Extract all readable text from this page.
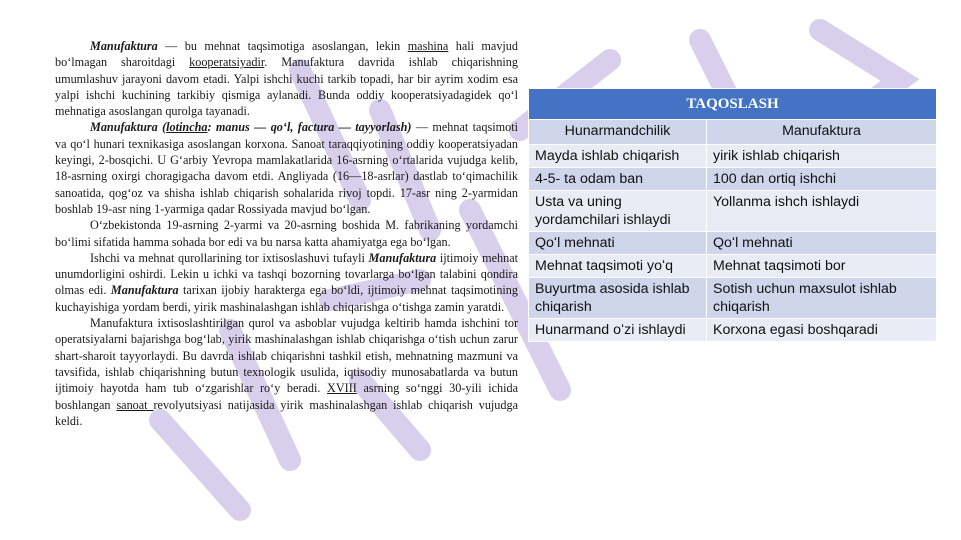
Manufaktura — bu mehnat taqsimotiga asoslangan, lekin mashina hali mavjud boʻlmagan sharoitdagi kooperatsiyadir. Manufaktura davrida ishlab chiqarishning umumlashuv jarayoni davom etadi. Yalpi ishchi kuchi tarkib topadi, har bir ayrim xodim esa yalpi ishchi kuchining tarkibiy qismiga aylanadi. Bunda oddiy kooperatsiyadagidek qoʻl mehnatiga asoslangan qurolga tayanadi.

Manufaktura (lotincha: manus — qoʻl, factura — tayyorlash) — mehnat taqsimoti va qoʻl hunari texnikasiga asoslangan korxona. Sanoat taraqqiyotining oddiy kooperatsiyadan keyingi, 2-bosqichi. U Gʻarbiy Yevropa mamlakatlarida 16-asrning oʻrtalarida vujudga kelib, 18-asrning oxirgi choragigacha davom etdi. Angliyada (16—18-asrlar) dastlab toʻqimachilik sanoatida, qogʻoz va shisha ishlab chiqarish sohalarida rivoj topdi. 17-asr ning 2-yarmidan boshlab 19-asr ning 1-yarmiga qadar Rossiyada mavjud boʻlgan.

Oʻzbekistonda 19-asrning 2-yarmi va 20-asrning boshida M. fabrikaning yordamchi boʻlimi sifatida hamma sohada bor edi va bu narsa katta ahamiyatga ega boʻlgan.

Ishchi va mehnat qurollarining tor ixtisoslashuvi tufayli Manufaktura ijtimoiy mehnat unumdorligini oshirdi. Lekin u ichki va tashqi bozorning tovarlarga boʻlgan talabini qondira olmas edi. Manufaktura tarixan ijobiy harakterga ega boʻldi, ijtimoiy mehnat taqsimotining kuchayishiga yordam berdi, yirik mashinalashgan ishlab chiqarishga oʻtishga zamin yaratdi.

Manufaktura ixtisoslashtirilgan qurol va asboblar vujudga keltirib hamda ishchini tor operatsiyalarni bajarishga bogʻlab, yirik mashinalashgan ishlab chiqarishga oʻtish uchun zarur shart-sharoit tayyorlaydi. Bu davrda ishlab chiqarishni tashkil etish, mehnatning mazmuni va tavsifida, ishlab chiqarishning butun texnologik usulida, iqtisodiy munosabatlarda va butun ijtimoiy hayotda ham tub oʻzgarishlar roʻy beradi. XVIII asrning soʻnggi 30-yili ichida boshlangan sanoat revolyutsiyasi natijasida yirik mashinalashgan ishlab chiqarish vujudga keldi.

TAQOSLASH	
Hunarmandchilik	Manufaktura
Mayda ishlab chiqarish	yirik ishlab chiqarish
4-5- ta odam ban	100 dan ortiq ishchi
Usta va uning yordamchilari ishlaydi	Yollanma ishch ishlaydi
Qoʻl mehnati	Qoʻl mehnati
Mehnat taqsimoti yoʻq	Mehnat taqsimoti bor
Buyurtma asosida ishlab chiqarish	Sotish uchun maxsulot ishlab chiqarish
Hunarmand oʻzi ishlaydi	Korxona egasi boshqaradi
